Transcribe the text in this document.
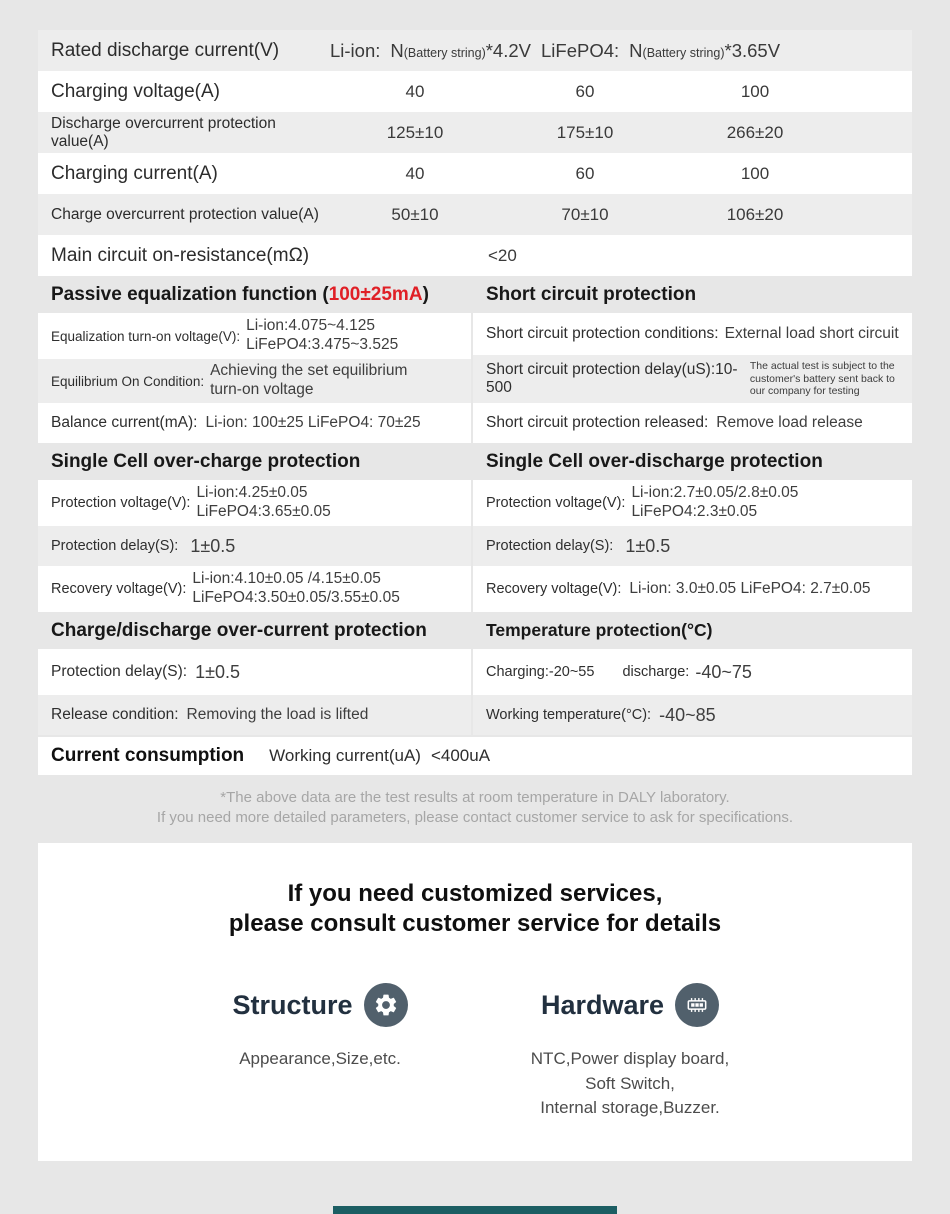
Rated discharge current(V)	Li-ion: N (Battery string) *4.2V LiFePO4: N (Battery string) *3.65V
Charging voltage(A)	40	60	100
Discharge overcurrent protection value(A)	125±10	175±10	266±20
Charging current(A)	40	60	100
Charge overcurrent protection value(A)	50±10	70±10	106±20
Main circuit on-resistance(mΩ)	<20
Passive equalization function
( 100±25mA )
Equalization turn-on voltage(V):
Li-ion:4.075~4.125
LiFePO4:3.475~3.525
Equilibrium On Condition:
Achieving the set equilibrium turn-on voltage
Balance current(mA): Li-ion: 100±25 LiFePO4: 70±25
Short circuit protection
Short circuit protection conditions: External load short circuit
Short circuit protection delay(uS):10-500
The actual test is subject to the customer's battery sent back to our company for testing
Short circuit protection released: Remove load release
Single Cell over-charge protection
Protection voltage(V):
Li-ion:4.25±0.05
LiFePO4:3.65±0.05
Protection delay(S): 1±0.5
Recovery voltage(V):
Li-ion:4.10±0.05 /4.15±0.05
LiFePO4:3.50±0.05/3.55±0.05
Single Cell over-discharge protection
Protection voltage(V):
Li-ion:2.7±0.05/2.8±0.05
LiFePO4:2.3±0.05
Protection delay(S): 1±0.5
Recovery voltage(V): Li-ion: 3.0±0.05 LiFePO4: 2.7±0.05
Charge/discharge over-current protection
Protection delay(S): 1±0.5
Release condition: Removing the load is lifted
Temperature protection(°C)
Charging:-20~55 discharge: -40~75
Working temperature(°C): -40~85
Current consumption Working current(uA) <400uA
*The above data are the test results at room temperature in DALY laboratory.
If you need more detailed parameters, please contact customer service to ask for specifications.
If you need customized services,
please consult customer service for details
Structure
Appearance,Size,etc.
Hardware
NTC,Power display board,
Soft Switch,
Internal storage,Buzzer.
